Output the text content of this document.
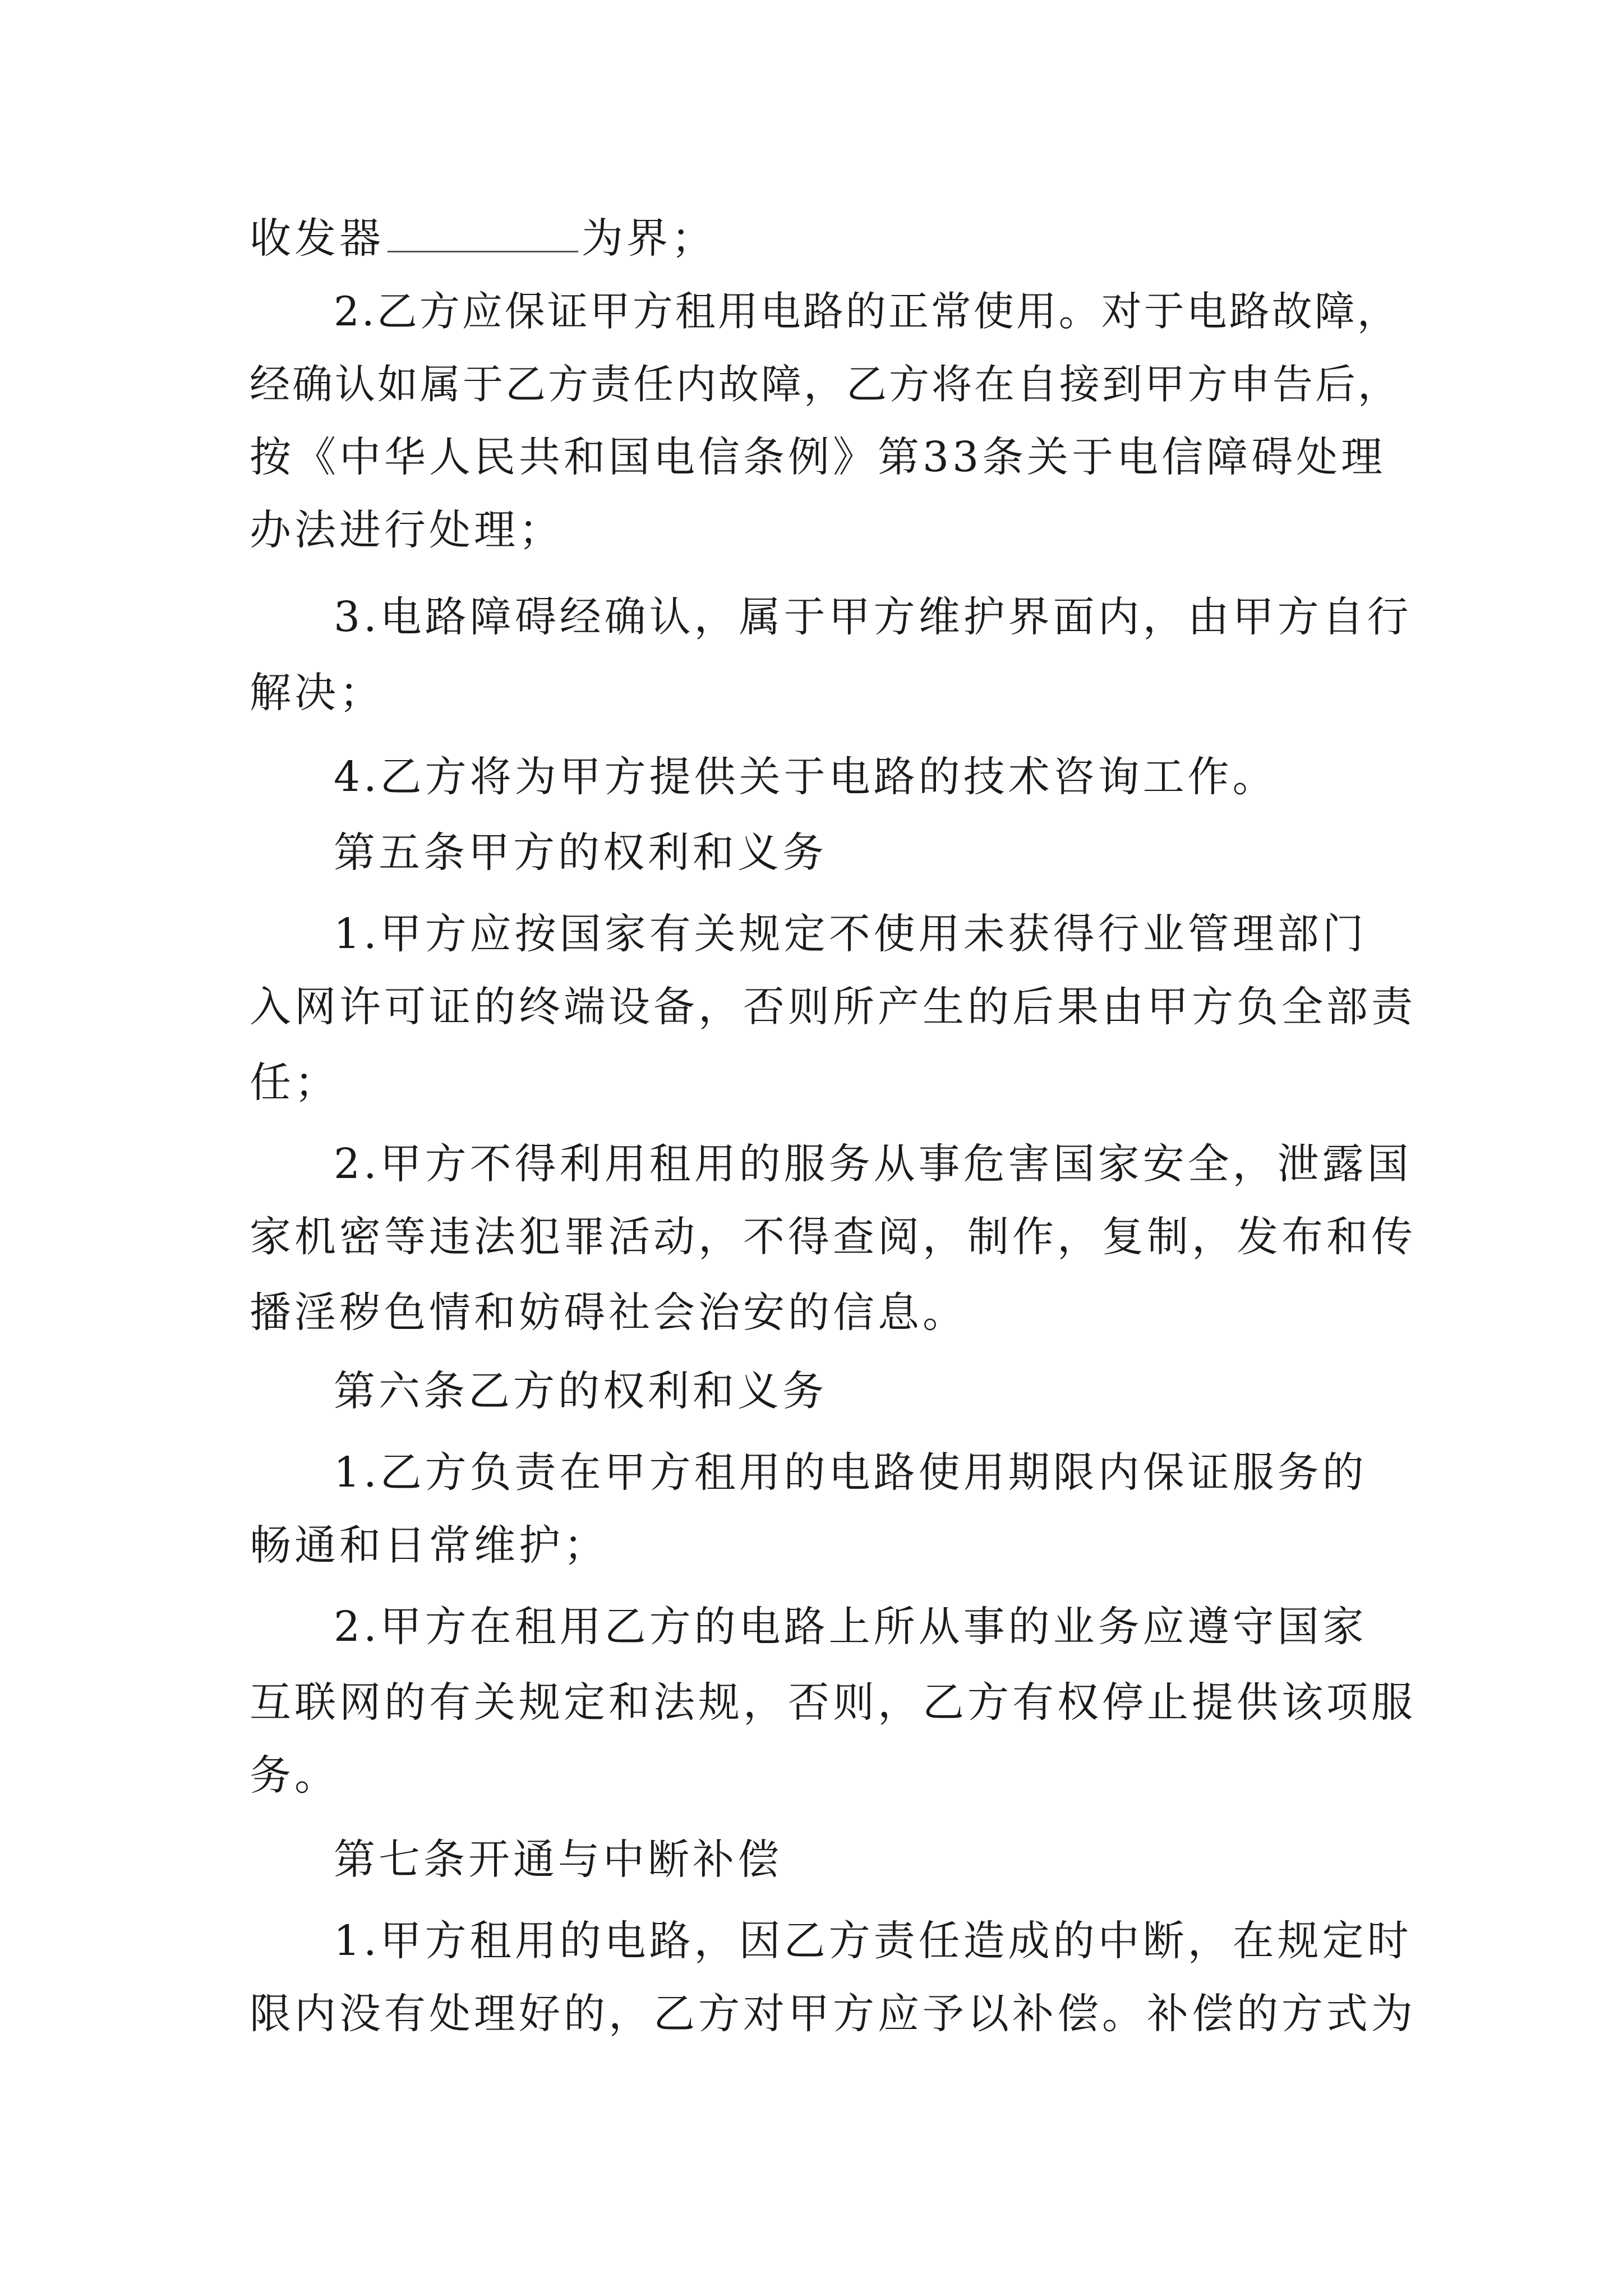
收发器	为界；

2.乙方应保证甲方租用电路的正常使用。对于电路故障，

经确认如属于乙方责任内故障，乙方将在自接到甲方申告后，

按《中华人民共和国电信条例》第33条关于电信障碍处理

办法进行处理；

3.电路障碍经确认，属于甲方维护界面内，由甲方自行

解决；

4.乙方将为甲方提供关于电路的技术咨询工作。

第五条甲方的权利和义务

1.甲方应按国家有关规定不使用未获得行业管理部门

入网许可证的终端设备，否则所产生的后果由甲方负全部责

任；

2.甲方不得利用租用的服务从事危害国家安全，泄露国

家机密等违法犯罪活动，不得查阅，制作，复制，发布和传

播淫秽色情和妨碍社会治安的信息。

第六条乙方的权利和义务

1.乙方负责在甲方租用的电路使用期限内保证服务的

畅通和日常维护；

2.甲方在租用乙方的电路上所从事的业务应遵守国家

互联网的有关规定和法规，否则，乙方有权停止提供该项服

务。

第七条开通与中断补偿

1.甲方租用的电路，因乙方责任造成的中断，在规定时

限内没有处理好的，乙方对甲方应予以补偿。补偿的方式为
